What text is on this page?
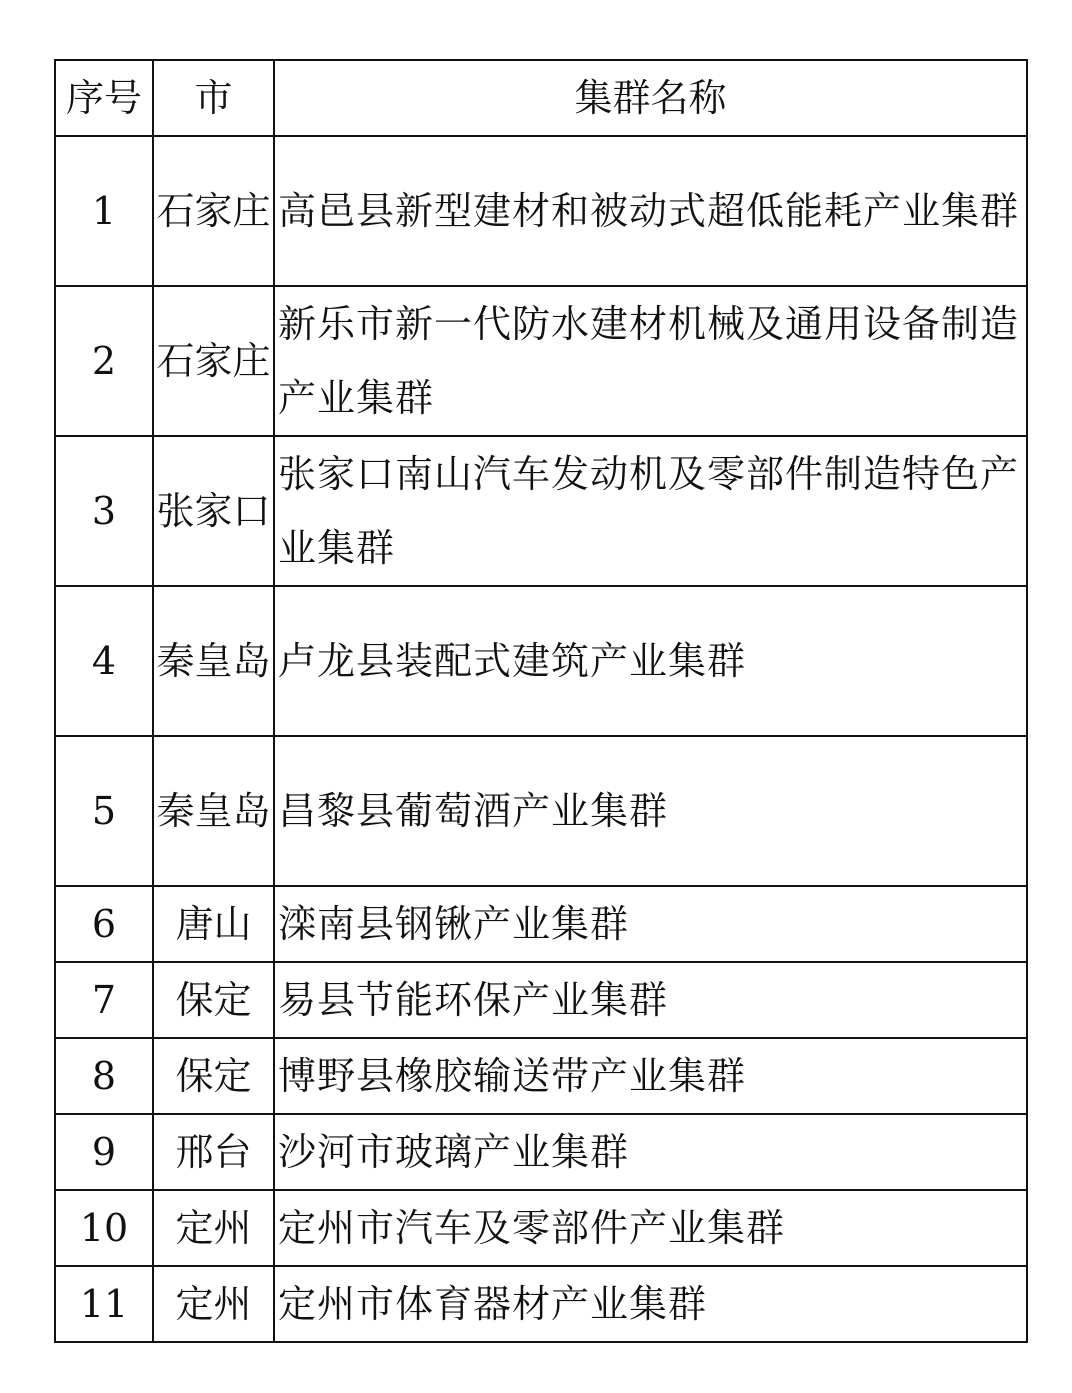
序号	市	集群名称
1	石家庄	高邑县新型建材和被动式超低能耗产业集群
2	石家庄	新乐市新一代防水建材机械及通用设备制造产业集群
3	张家口	张家口南山汽车发动机及零部件制造特色产业集群
4	秦皇岛	卢龙县装配式建筑产业集群
5	秦皇岛	昌黎县葡萄酒产业集群
6	唐山	滦南县钢锹产业集群
7	保定	易县节能环保产业集群
8	保定	博野县橡胶输送带产业集群
9	邢台	沙河市玻璃产业集群
10	定州	定州市汽车及零部件产业集群
11	定州	定州市体育器材产业集群
